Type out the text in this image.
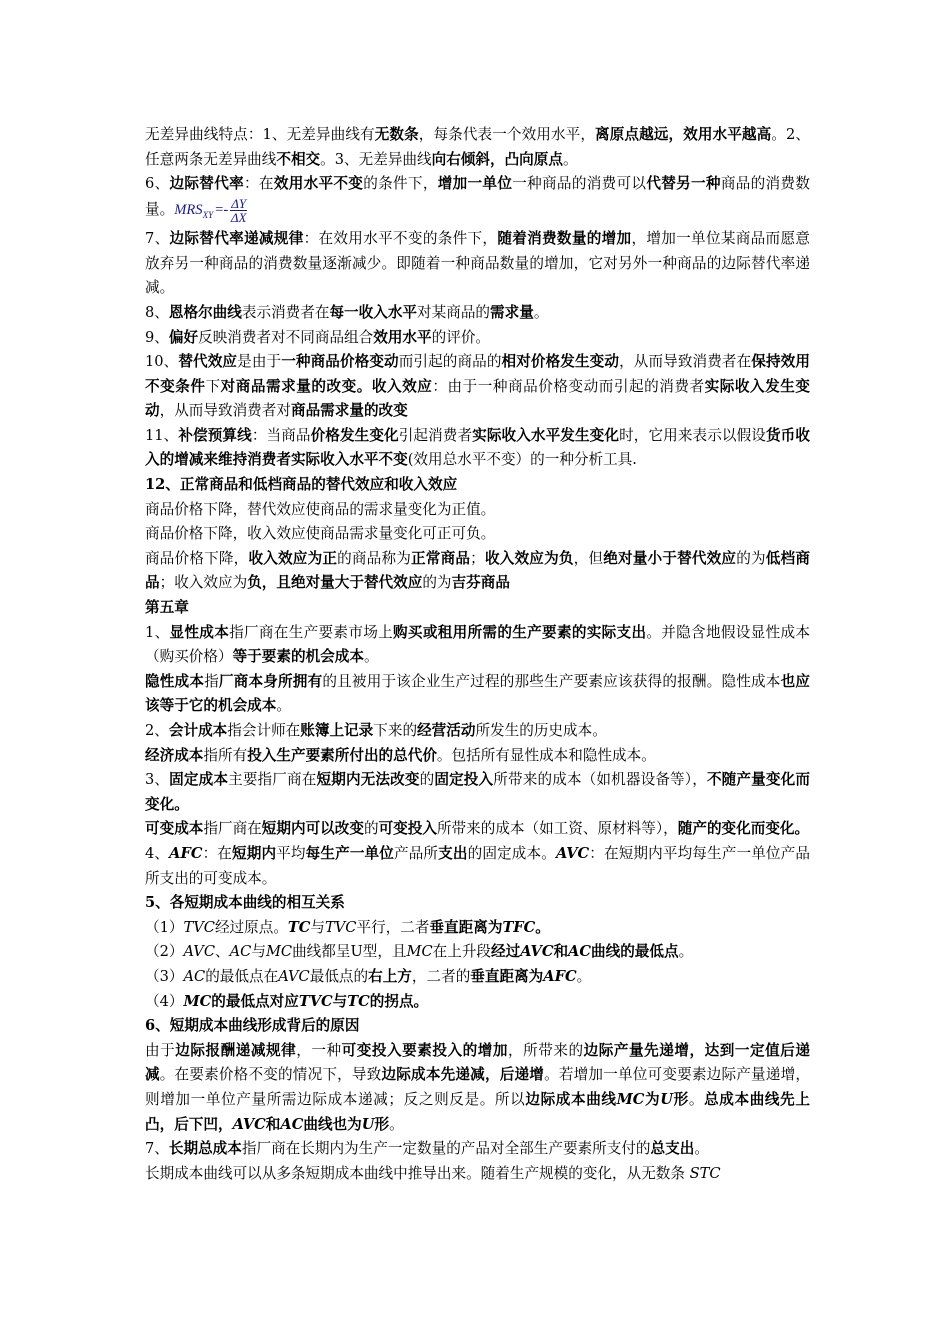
无差异曲线特点：1、无差异曲线有无数条，每条代表一个效用水平，离原点越远，效用水平越高。2、任意两条无差异曲线不相交。3、无差异曲线向右倾斜，凸向原点。

6、边际替代率：在效用水平不变的条件下，增加一单位一种商品的消费可以代替另一种商品的消费数量。$MRS_{XY} =- \frac{\Delta Y}{\Delta X}$

7、边际替代率递减规律：在效用水平不变的条件下，随着消费数量的增加，增加一单位某商品而愿意放弃另一种商品的消费数量逐渐减少。即随着一种商品数量的增加，它对另外一种商品的边际替代率递减。

8、恩格尔曲线表示消费者在每一收入水平对某商品的需求量。

9、偏好反映消费者对不同商品组合效用水平的评价。

10、替代效应是由于一种商品价格变动而引起的商品的相对价格发生变动，从而导致消费者在保持效用不变条件下对商品需求量的改变。收入效应：由于一种商品价格变动而引起的消费者实际收入发生变动，从而导致消费者对商品需求量的改变

11、补偿预算线：当商品价格发生变化引起消费者实际收入水平发生变化时，它用来表示以假设货币收入的增减来维持消费者实际收入水平不变(效用总水平不变）的一种分析工具.

12、正常商品和低档商品的替代效应和收入效应

商品价格下降，替代效应使商品的需求量变化为正值。

商品价格下降，收入效应使商品需求量变化可正可负。

商品价格下降，收入效应为正的商品称为正常商品；收入效应为负，但绝对量小于替代效应的为低档商品；收入效应为负，且绝对量大于替代效应的为吉芬商品

第五章

1、显性成本指厂商在生产要素市场上购买或租用所需的生产要素的实际支出。并隐含地假设显性成本（购买价格）等于要素的机会成本。

隐性成本指厂商本身所拥有的且被用于该企业生产过程的那些生产要素应该获得的报酬。隐性成本也应该等于它的机会成本。

2、会计成本指会计师在账簿上记录下来的经营活动所发生的历史成本。

经济成本指所有投入生产要素所付出的总代价。包括所有显性成本和隐性成本。

3、固定成本主要指厂商在短期内无法改变的固定投入所带来的成本（如机器设备等），不随产量变化而变化。

可变成本指厂商在短期内可以改变的可变投入所带来的成本（如工资、原材料等），随产的变化而变化。

4、AFC：在短期内平均每生产一单位产品所支出的固定成本。AVC：在短期内平均每生产一单位产品所支出的可变成本。

5、各短期成本曲线的相互关系

（1）TVC经过原点。TC与TVC平行，二者垂直距离为TFC。

（2）AVC、AC与MC曲线都呈U型，且MC在上升段经过AVC和AC曲线的最低点。

（3）AC的最低点在AVC最低点的右上方，二者的垂直距离为AFC。

（4）MC的最低点对应TVC与TC的拐点。

6、短期成本曲线形成背后的原因

由于边际报酬递减规律，一种可变投入要素投入的增加，所带来的边际产量先递增，达到一定值后递减。在要素价格不变的情况下，导致边际成本先递减，后递增。若增加一单位可变要素边际产量递增，则增加一单位产量所需边际成本递减；反之则反是。所以边际成本曲线MC为U形。总成本曲线先上凸，后下凹，AVC和AC曲线也为U形。

7、长期总成本指厂商在长期内为生产一定数量的产品对全部生产要素所支付的总支出。

长期成本曲线可以从多条短期成本曲线中推导出来。随着生产规模的变化，从无数条 STC
